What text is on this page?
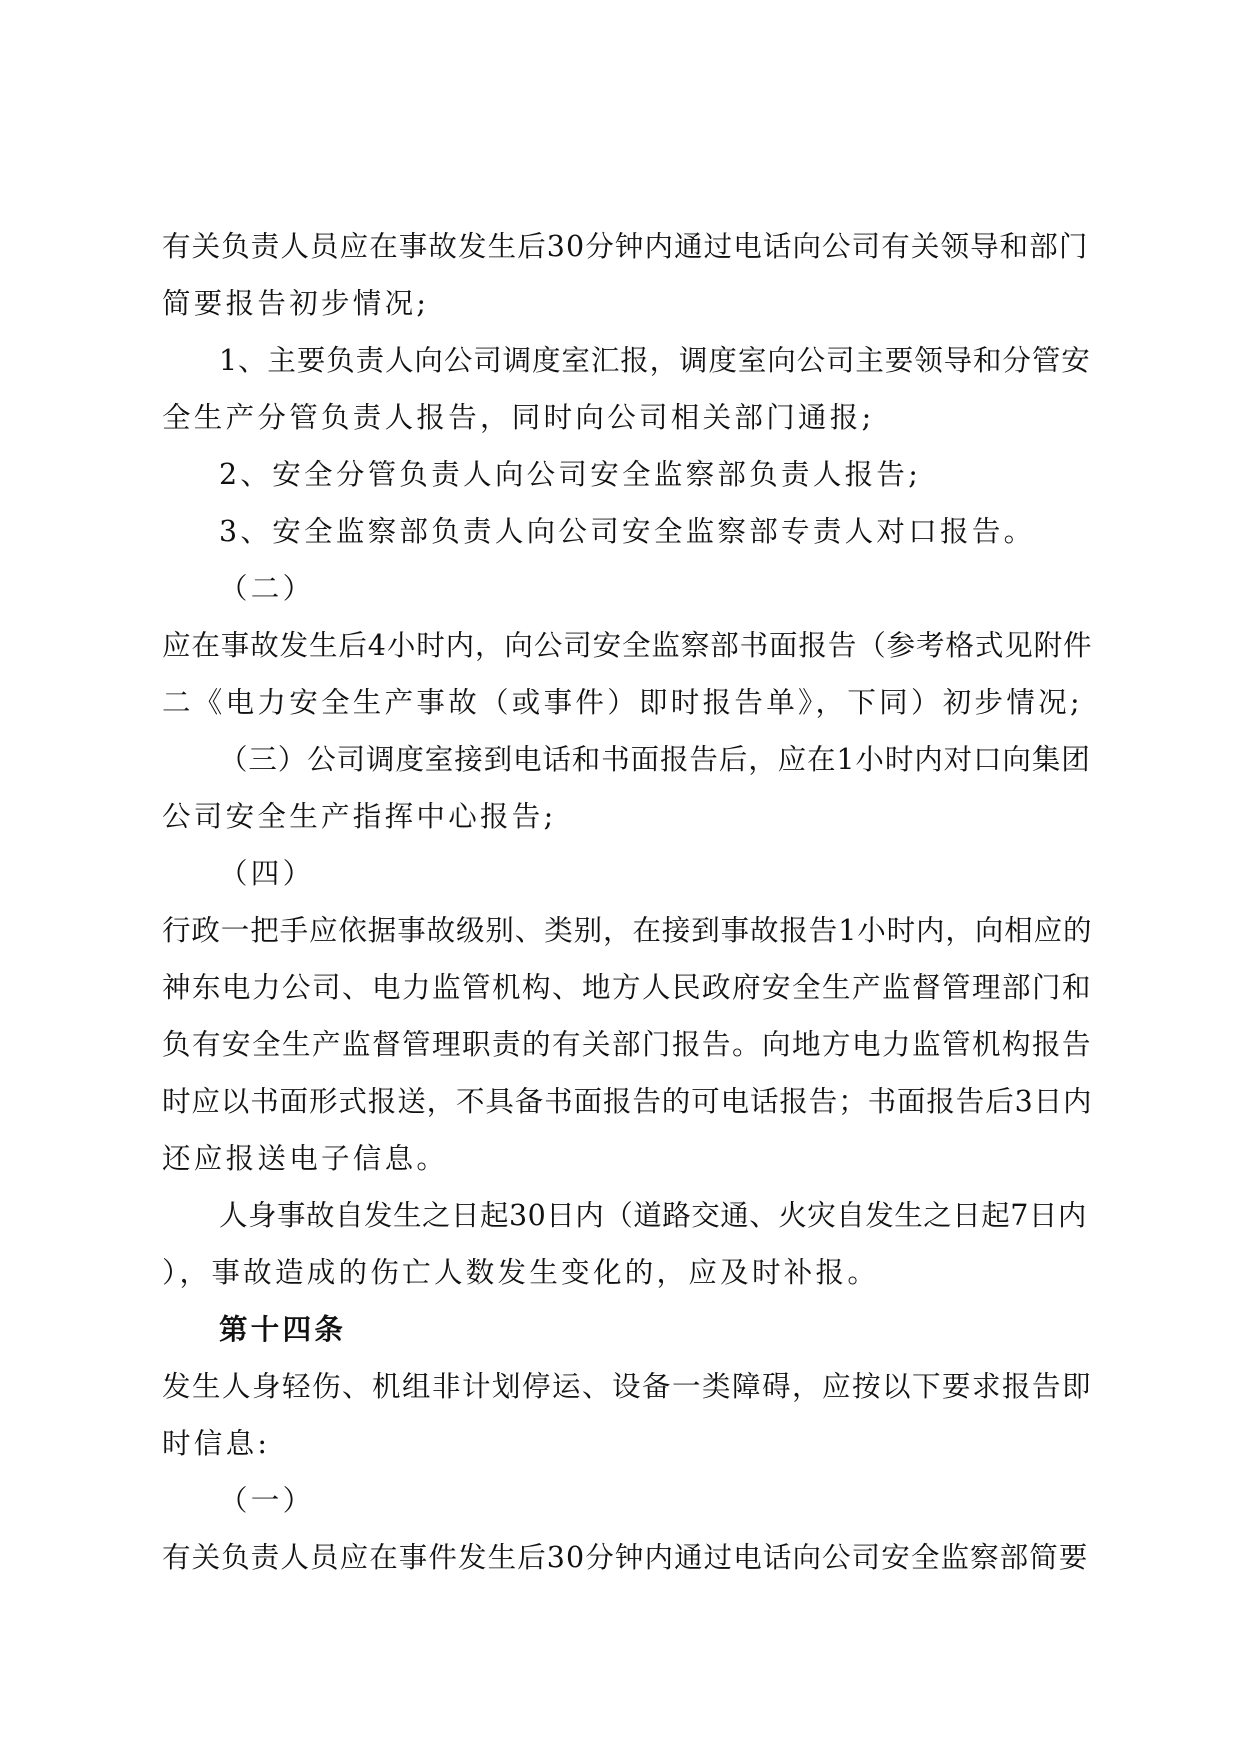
有关负责人员应在事故发生后30分钟内通过电话向公司有关领导和部门
简要报告初步情况;
1、主要负责人向公司调度室汇报，调度室向公司主要领导和分管安
全生产分管负责人报告，同时向公司相关部门通报;
2、安全分管负责人向公司安全监察部负责人报告;
3、安全监察部负责人向公司安全监察部专责人对口报告。
（二）
应在事故发生后4小时内，向公司安全监察部书面报告（参考格式见附件
二《电力安全生产事故（或事件）即时报告单》，下同）初步情况;
（三）公司调度室接到电话和书面报告后，应在1小时内对口向集团
公司安全生产指挥中心报告;
（四）
行政一把手应依据事故级别、类别，在接到事故报告1小时内，向相应的
神东电力公司、电力监管机构、地方人民政府安全生产监督管理部门和
负有安全生产监督管理职责的有关部门报告。向地方电力监管机构报告
时应以书面形式报送，不具备书面报告的可电话报告；书面报告后3日内
还应报送电子信息。
人身事故自发生之日起30日内（道路交通、火灾自发生之日起7日内
），事故造成的伤亡人数发生变化的，应及时补报。
第十四条
发生人身轻伤、机组非计划停运、设备一类障碍，应按以下要求报告即
时信息:
（一）
有关负责人员应在事件发生后30分钟内通过电话向公司安全监察部简要
